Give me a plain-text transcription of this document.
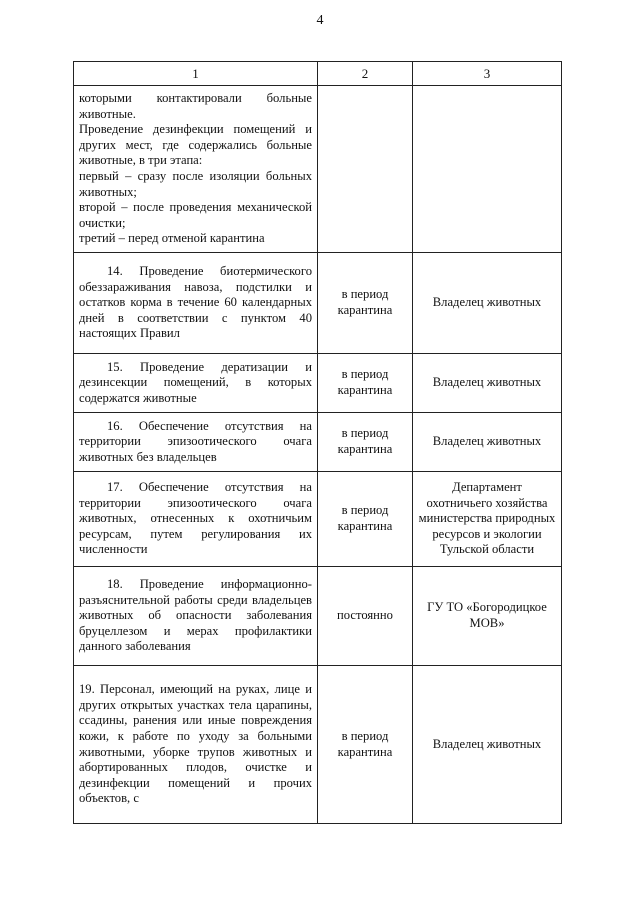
4
1	2	3

которыми контактировали больные животные.

Проведение дезинфекции помещений и других мест, где содержались больные животные, в три этапа:

первый – сразу после изоляции больных животных;

второй – после проведения механической очистки;

третий – перед отменой карантина		

14. Проведение биотермического обеззараживания навоза, подстилки и остатков корма в течение 60 календарных дней в соответствии с пунктом 40 настоящих Правил	в период карантина	Владелец животных

15. Проведение дератизации и дезинсекции помещений, в которых содержатся животные	в период карантина	Владелец животных

16. Обеспечение отсутствия на территории эпизоотического очага животных без владельцев	в период карантина	Владелец животных

17. Обеспечение отсутствия на территории эпизоотического очага животных, отнесенных к охотничьим ресурсам, путем регулирования их численности	в период карантина	Департамент охотничьего хозяйства министерства природных ресурсов и экологии Тульской области

18. Проведение информационно-разъяснительной работы среди владельцев животных об опасности заболевания бруцеллезом и мерах профилактики данного заболевания	постоянно	ГУ ТО «Богородицкое МОВ»

19. Персонал, имеющий на руках, лице и других открытых участках тела царапины, ссадины, ранения или иные повреждения кожи, к работе по уходу за больными животными, уборке трупов животных и абортированных плодов, очистке и дезинфекции помещений и прочих объектов, с	в период карантина	Владелец животных
